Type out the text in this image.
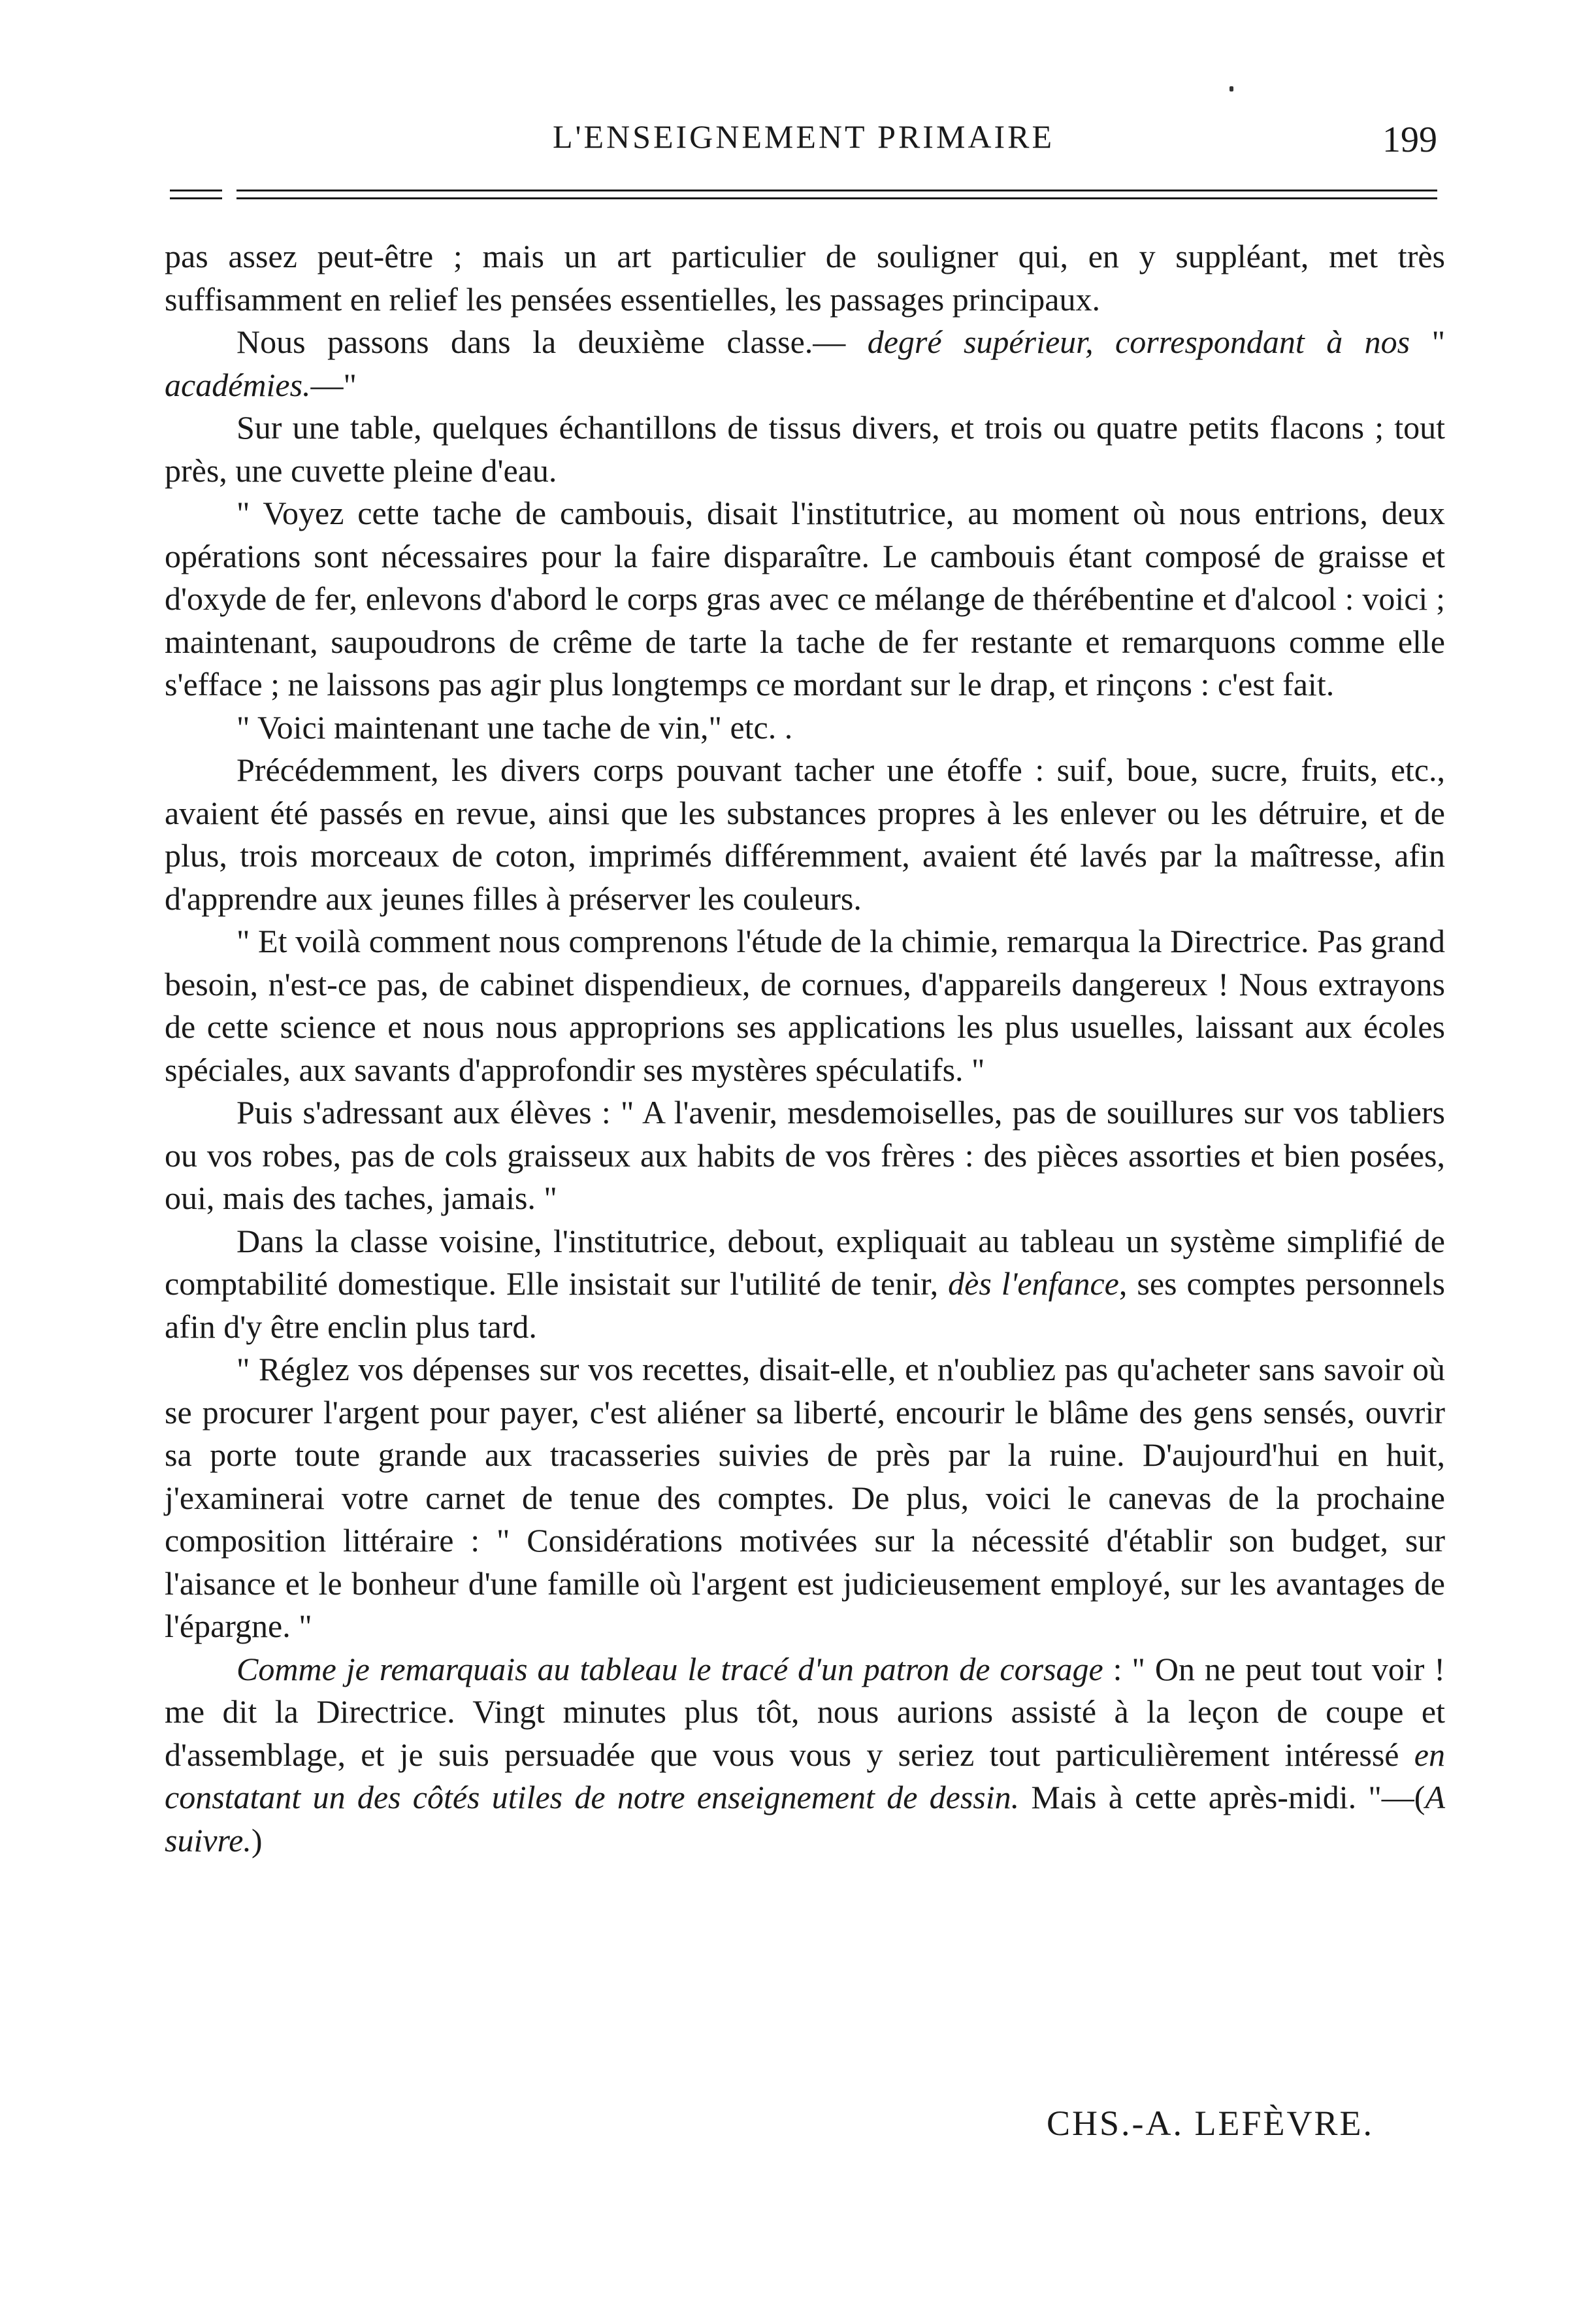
L'ENSEIGNEMENT PRIMAIRE	199

pas assez peut-être ; mais un art particulier de souligner qui, en y suppléant, met très suffisamment en relief les pensées essentielles, les passages principaux.

Nous passons dans la deuxième classe.— degré supérieur, correspondant à nos " académies.—"

Sur une table, quelques échantillons de tissus divers, et trois ou quatre petits flacons ; tout près, une cuvette pleine d'eau.

" Voyez cette tache de cambouis, disait l'institutrice, au moment où nous entrions, deux opérations sont nécessaires pour la faire disparaître. Le cambouis étant composé de graisse et d'oxyde de fer, enlevons d'abord le corps gras avec ce mélange de thérébentine et d'alcool : voici ; maintenant, saupoudrons de crême de tarte la tache de fer restante et remarquons comme elle s'efface ; ne laissons pas agir plus longtemps ce mordant sur le drap, et rinçons : c'est fait.

" Voici maintenant une tache de vin," etc. .

Précédemment, les divers corps pouvant tacher une étoffe : suif, boue, sucre, fruits, etc., avaient été passés en revue, ainsi que les substances propres à les enlever ou les détruire, et de plus, trois morceaux de coton, imprimés différemment, avaient été lavés par la maîtresse, afin d'apprendre aux jeunes filles à préserver les couleurs.

" Et voilà comment nous comprenons l'étude de la chimie, remarqua la Directrice. Pas grand besoin, n'est-ce pas, de cabinet dispendieux, de cornues, d'appareils dangereux ! Nous extrayons de cette science et nous nous approprions ses applications les plus usuelles, laissant aux écoles spéciales, aux savants d'approfondir ses mystères spéculatifs. "

Puis s'adressant aux élèves : " A l'avenir, mesdemoiselles, pas de souillures sur vos tabliers ou vos robes, pas de cols graisseux aux habits de vos frères : des pièces assorties et bien posées, oui, mais des taches, jamais. "

Dans la classe voisine, l'institutrice, debout, expliquait au tableau un système simplifié de comptabilité domestique. Elle insistait sur l'utilité de tenir, dès l'enfance, ses comptes personnels afin d'y être enclin plus tard.

" Réglez vos dépenses sur vos recettes, disait-elle, et n'oubliez pas qu'acheter sans savoir où se procurer l'argent pour payer, c'est aliéner sa liberté, encourir le blâme des gens sensés, ouvrir sa porte toute grande aux tracasseries suivies de près par la ruine. D'aujourd'hui en huit, j'examinerai votre carnet de tenue des comptes. De plus, voici le canevas de la prochaine composition littéraire : " Considérations motivées sur la nécessité d'établir son budget, sur l'aisance et le bonheur d'une famille où l'argent est judicieusement employé, sur les avantages de l'épargne. "

Comme je remarquais au tableau le tracé d'un patron de corsage : " On ne peut tout voir ! me dit la Directrice. Vingt minutes plus tôt, nous aurions assisté à la leçon de coupe et d'assemblage, et je suis persuadée que vous vous y seriez tout particulièrement intéressé en constatant un des côtés utiles de notre enseignement de dessin. Mais à cette après-midi. "—(A suivre.)

CHS.-A. LEFÈVRE.
